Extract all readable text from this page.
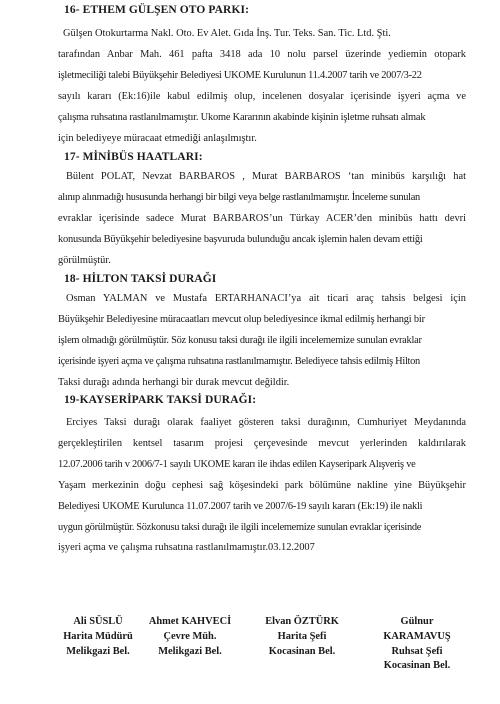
16- ETHEM GÜLŞEN OTO PARKI:
Gülşen Otokurtarma Nakl. Oto. Ev Alet. Gıda İnş. Tur. Teks. San. Tic. Ltd. Şti.
tarafından Anbar Mah. 461 pafta 3418 ada 10 nolu parsel üzerinde yediemin otopark
işletmeciliği talebi Büyükşehir Belediyesi UKOME Kurulunun 11.4.2007 tarih ve 2007/3-22
sayılı kararı (Ek:16)ile kabul edilmiş olup, incelenen dosyalar içerisinde işyeri açma ve
çalışma ruhsatına rastlanılmamıştır. Ukome Kararının akabinde kişinin işletme ruhsatı almak
için belediyeye müracaat etmediği anlaşılmıştır.
17- MİNİBÜS HAATLARI:
Bülent POLAT, Nevzat BARBAROS , Murat BARBAROS ‘tan minibüs karşılığı hat
alınıp alınmadığı hususunda herhangi bir bilgi veya belge rastlanılmamıştır. İnceleme sunulan
evraklar içerisinde sadece Murat BARBAROS’un Türkay ACER’den minibüs hattı devri
konusunda Büyükşehir belediyesine başvuruda bulunduğu ancak işlemin halen devam ettiği
görülmüştür.
18- HİLTON TAKSİ DURAĞI
Osman YALMAN ve Mustafa ERTARHANACI’ya ait ticari araç tahsis belgesi için
Büyükşehir Belediyesine müracaatları mevcut olup belediyesince ikmal edilmiş herhangi bir
işlem olmadığı görülmüştür. Söz konusu taksi durağı ile ilgili incelememize sunulan evraklar
içerisinde işyeri açma ve çalışma ruhsatına rastlanılmamıştır. Belediyece tahsis edilmiş Hilton
Taksi durağı adında herhangi bir durak mevcut değildir.
19-KAYSERİPARK TAKSİ DURAĞI:
Erciyes Taksi durağı olarak faaliyet gösteren taksi durağının, Cumhuriyet Meydanında
gerçekleştirilen kentsel tasarım projesi çerçevesinde mevcut yerlerinden kaldırılarak
12.07.2006 tarih v 2006/7-1 sayılı UKOME kararı ile ihdas edilen Kayseripark Alışveriş ve
Yaşam merkezinin doğu cephesi sağ köşesindeki park bölümüne nakline yine Büyükşehir
Belediyesi UKOME Kurulunca 11.07.2007 tarih ve 2007/6-19 sayılı kararı (Ek:19) ile nakli
uygun görülmüştür. Sözkonusu taksi durağı ile ilgili incelememize sunulan evraklar içerisinde
işyeri açma ve çalışma ruhsatına rastlanılmamıştır.03.12.2007
Ali SÜSLÜ
Harita Müdürü
Melikgazi Bel.
Ahmet KAHVECİ
Çevre Müh.
Melikgazi Bel.
Elvan ÖZTÜRK
Harita Şefi
Kocasinan Bel.
Gülnur
KARAMAVUŞ
Ruhsat Şefi
Kocasinan Bel.
